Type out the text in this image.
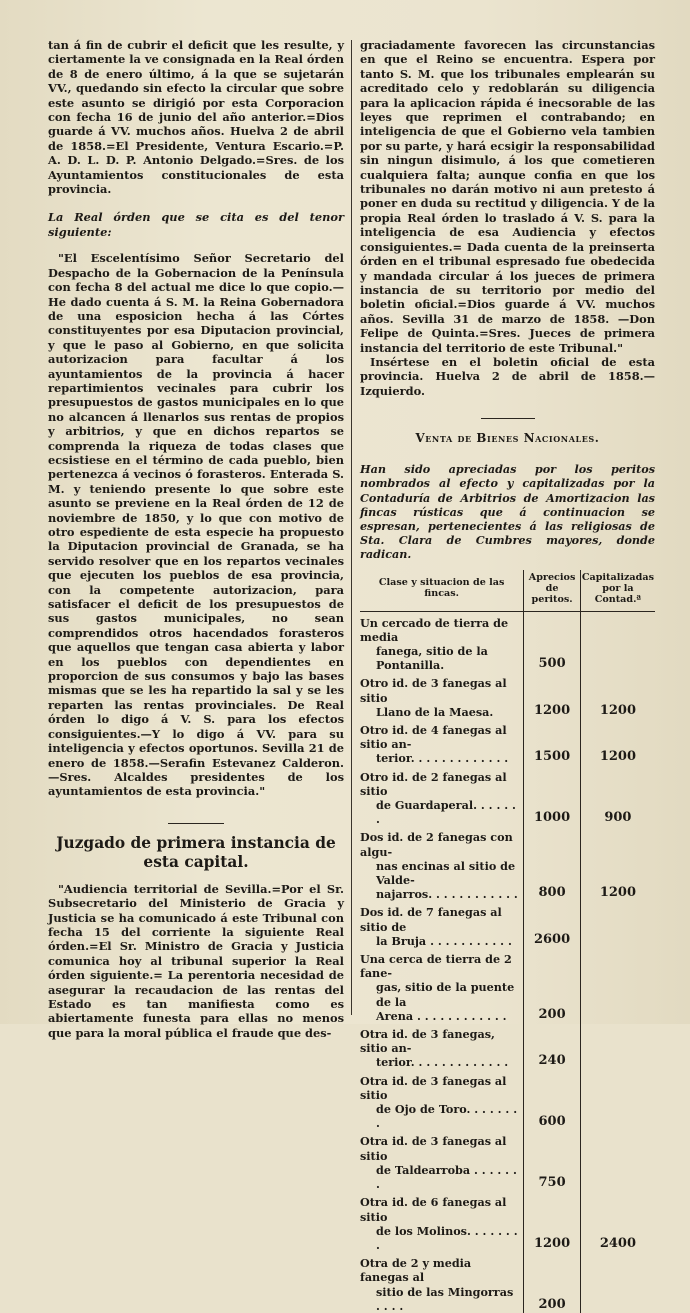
tan á fin de cubrir el deficit que les resulte, y ciertamente la ve consignada en la Real órden de 8 de enero último, á la que se sujetarán VV., quedando sin efecto la circular que sobre este asunto se dirigió por esta Corporacion con fecha 16 de junio del año anterior.=Dios guarde á VV. muchos años. Huelva 2 de abril de 1858.=El Presidente, Ventura Escario.=P. A. D. L. D. P. Antonio Delgado.=Sres. de los Ayuntamientos constitucionales de esta provincia.

La Real órden que se cita es del tenor siguiente:

"El Escelentísimo Señor Secretario del Despacho de la Gobernacion de la Península con fecha 8 del actual me dice lo que copio.—He dado cuenta á S. M. la Reina Gobernadora de una esposicion hecha á las Córtes constituyentes por esa Diputacion provincial, y que le paso al Gobierno, en que solicita autorizacion para facultar á los ayuntamientos de la provincia á hacer repartimientos vecinales para cubrir los presupuestos de gastos municipales en lo que no alcancen á llenarlos sus rentas de propios y arbitrios, y que en dichos repartos se comprenda la riqueza de todas clases que ecsistiese en el término de cada pueblo, bien pertenezca á vecinos ó forasteros. Enterada S. M. y teniendo presente lo que sobre este asunto se previene en la Real órden de 12 de noviembre de 1850, y lo que con motivo de otro espediente de esta especie ha propuesto la Diputacion provincial de Granada, se ha servido resolver que en los repartos vecinales que ejecuten los pueblos de esa provincia, con la competente autorizacion, para satisfacer el deficit de los presupuestos de sus gastos municipales, no sean comprendidos otros hacendados forasteros que aquellos que tengan casa abierta y labor en los pueblos con dependientes en proporcion de sus consumos y bajo las bases mismas que se les ha repartido la sal y se les reparten las rentas provinciales. De Real órden lo digo á V. S. para los efectos consiguientes.—Y lo digo á VV. para su inteligencia y efectos oportunos. Sevilla 21 de enero de 1858.—Serafin Estevanez Calderon.—Sres. Alcaldes presidentes de los ayuntamientos de esta provincia."

Juzgado de primera instancia de esta capital.

"Audiencia territorial de Sevilla.=Por el Sr. Subsecretario del Ministerio de Gracia y Justicia se ha comunicado á este Tribunal con fecha 15 del corriente la siguiente Real órden.=El Sr. Ministro de Gracia y Justicia comunica hoy al tribunal superior la Real órden siguiente.= La perentoria necesidad de asegurar la recaudacion de las rentas del Estado es tan manifiesta como es abiertamente funesta para ellas no menos que para la moral pública el fraude que des-

graciadamente favorecen las circunstancias en que el Reino se encuentra. Espera por tanto S. M. que los tribunales emplearán su acreditado celo y redoblarán su diligencia para la aplicacion rápida é inecsorable de las leyes que reprimen el contrabando; en inteligencia de que el Gobierno vela tambien por su parte, y hará ecsigir la responsabilidad sin ningun disimulo, á los que cometieren cualquiera falta; aunque confia en que los tribunales no darán motivo ni aun pretesto á poner en duda su rectitud y diligencia. Y de la propia Real órden lo traslado á V. S. para la inteligencia de esa Audiencia y efectos consiguientes.= Dada cuenta de la preinserta órden en el tribunal espresado fue obedecida y mandada circular á los jueces de primera instancia de su territorio por medio del boletin oficial.=Dios guarde á VV. muchos años. Sevilla 31 de marzo de 1858. —Don Felipe de Quinta.=Sres. Jueces de primera instancia del territorio de este Tribunal."

Insértese en el boletin oficial de esta provincia. Huelva 2 de abril de 1858.—Izquierdo.

Venta de Bienes Nacionales.

Han sido apreciadas por los peritos nombrados al efecto y capitalizadas por la Contaduría de Arbitrios de Amortizacion las fincas rústicas que á continuacion se espresan, pertenecientes á las religiosas de Sta. Clara de Cumbres mayores, donde radican.

Clase y situacion de las fincas.	Aprecios de peritos.	Capitalizadas por la Contad.ª

Un cercado de tierra de media
fanega, sitio de la Pontanilla.	500	

Otro id. de 3 fanegas al sitio
Llano de la Maesa.	1200	1200

Otro id. de 4 fanegas al sitio an-
terior. . . . . . . . . . . . .	1500	1200

Otro id. de 2 fanegas al sitio
de Guardaperal. . . . . . .	1000	900

Dos id. de 2 fanegas con algu-
nas encinas al sitio de Valde-
najarros. . . . . . . . . . . .	800	1200

Dos id. de 7 fanegas al sitio de
la Bruja . . . . . . . . . . .	2600	

Una cerca de tierra de 2 fane-
gas, sitio de la puente de la
Arena . . . . . . . . . . . .	200	

Otra id. de 3 fanegas, sitio an-
terior. . . . . . . . . . . . .	240	

Otra id. de 3 fanegas al sitio
de Ojo de Toro. . . . . . . .	600	

Otra id. de 3 fanegas al sitio
de Taldearroba . . . . . . .	750	

Otra id. de 6 fanegas al sitio
de los Molinos. . . . . . . .	1200	2400

Otra de 2 y media fanegas al
sitio de las Mingorras . . . .	200	
